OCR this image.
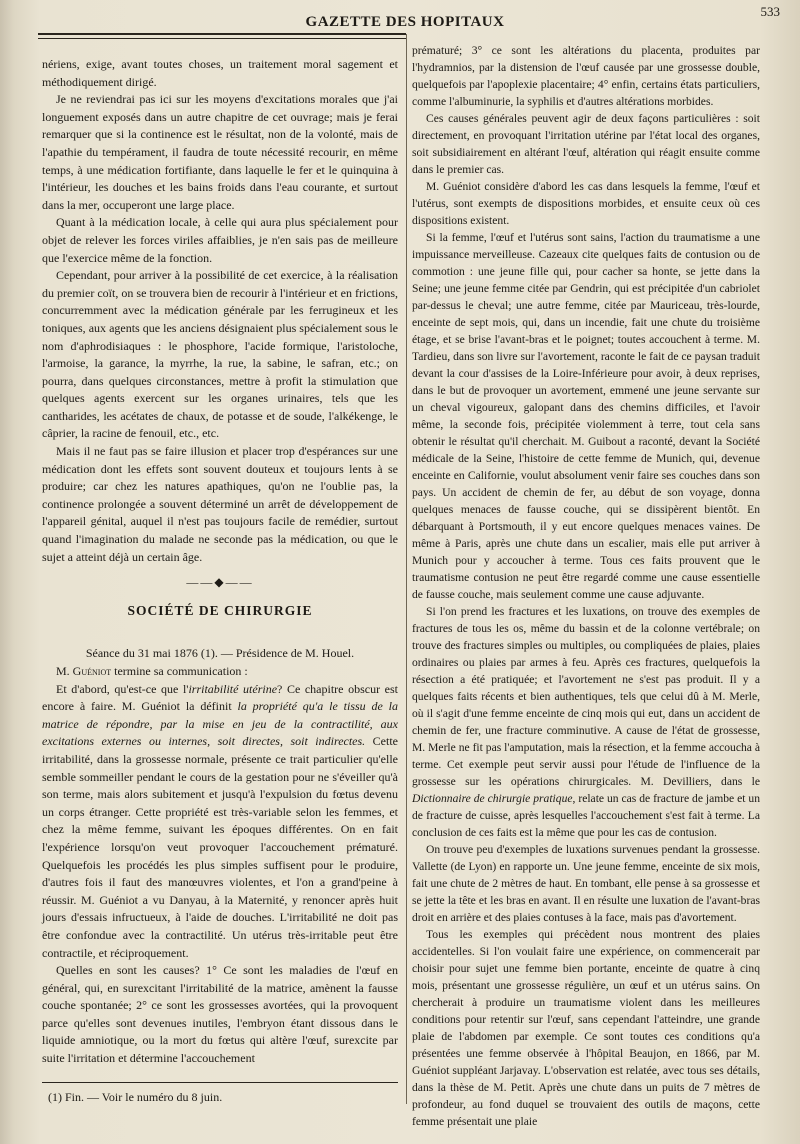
GAZETTE DES HOPITAUX
533

nériens, exige, avant toutes choses, un traitement moral sagement et méthodiquement dirigé.

Je ne reviendrai pas ici sur les moyens d'excitations morales que j'ai longuement exposés dans un autre chapitre de cet ouvrage; mais je ferai remarquer que si la continence est le résultat, non de la volonté, mais de l'apathie du tempérament, il faudra de toute nécessité recourir, en même temps, à une médication fortifiante, dans laquelle le fer et le quinquina à l'intérieur, les douches et les bains froids dans l'eau courante, et surtout dans la mer, occuperont une large place.

Quant à la médication locale, à celle qui aura plus spécialement pour objet de relever les forces viriles affaiblies, je n'en sais pas de meilleure que l'exercice même de la fonction.

Cependant, pour arriver à la possibilité de cet exercice, à la réalisation du premier coït, on se trouvera bien de recourir à l'intérieur et en frictions, concurremment avec la médication générale par les ferrugineux et les toniques, aux agents que les anciens désignaient plus spécialement sous le nom d'aphrodisiaques : le phosphore, l'acide formique, l'aristoloche, l'armoise, la garance, la myrrhe, la rue, la sabine, le safran, etc.; on pourra, dans quelques circonstances, mettre à profit la stimulation que quelques agents exercent sur les organes urinaires, tels que les cantharides, les acétates de chaux, de potasse et de soude, l'alkékenge, le câprier, la racine de fenouil, etc., etc.

Mais il ne faut pas se faire illusion et placer trop d'espérances sur une médication dont les effets sont souvent douteux et toujours lents à se produire; car chez les natures apathiques, qu'on ne l'oublie pas, la continence prolongée a souvent déterminé un arrêt de développement de l'appareil génital, auquel il n'est pas toujours facile de remédier, surtout quand l'imagination du malade ne seconde pas la médication, ou que le sujet a atteint déjà un certain âge.

——◆——
SOCIÉTÉ DE CHIRURGIE

Séance du 31 mai 1876 (1). — Présidence de M. Houel.

M. Guéniot termine sa communication :

Et d'abord, qu'est-ce que l'irritabilité utérine? Ce chapitre obscur est encore à faire. M. Guéniot la définit la propriété qu'a le tissu de la matrice de répondre, par la mise en jeu de la contractilité, aux excitations externes ou internes, soit directes, soit indirectes. Cette irritabilité, dans la grossesse normale, présente ce trait particulier qu'elle semble sommeiller pendant le cours de la gestation pour ne s'éveiller qu'à son terme, mais alors subitement et jusqu'à l'expulsion du fœtus devenu un corps étranger. Cette propriété est très-variable selon les femmes, et chez la même femme, suivant les époques différentes. On en fait l'expérience lorsqu'on veut provoquer l'accouchement prématuré. Quelquefois les procédés les plus simples suffisent pour le produire, d'autres fois il faut des manœuvres violentes, et l'on a grand'peine à réussir. M. Guéniot a vu Danyau, à la Maternité, y renoncer après huit jours d'essais infructueux, à l'aide de douches. L'irritabilité ne doit pas être confondue avec la contractilité. Un utérus très-irritable peut être contractile, et réciproquement.

Quelles en sont les causes? 1° Ce sont les maladies de l'œuf en général, qui, en surexcitant l'irritabilité de la matrice, amènent la fausse couche spontanée; 2° ce sont les grossesses avortées, qui la provoquent parce qu'elles sont devenues inutiles, l'embryon étant dissous dans le liquide amniotique, ou la mort du fœtus qui altère l'œuf, surexcite par suite l'irritation et détermine l'accouchement

(1) Fin. — Voir le numéro du 8 juin.

prématuré; 3° ce sont les altérations du placenta, produites par l'hydramnios, par la distension de l'œuf causée par une grossesse double, quelquefois par l'apoplexie placentaire; 4° enfin, certains états particuliers, comme l'albuminurie, la syphilis et d'autres altérations morbides.

Ces causes générales peuvent agir de deux façons particulières : soit directement, en provoquant l'irritation utérine par l'état local des organes, soit subsidiairement en altérant l'œuf, altération qui réagit ensuite comme dans le premier cas.

M. Guéniot considère d'abord les cas dans lesquels la femme, l'œuf et l'utérus, sont exempts de dispositions morbides, et ensuite ceux où ces dispositions existent.

Si la femme, l'œuf et l'utérus sont sains, l'action du traumatisme a une impuissance merveilleuse. Cazeaux cite quelques faits de contusion ou de commotion : une jeune fille qui, pour cacher sa honte, se jette dans la Seine; une jeune femme citée par Gendrin, qui est précipitée d'un cabriolet par-dessus le cheval; une autre femme, citée par Mauriceau, très-lourde, enceinte de sept mois, qui, dans un incendie, fait une chute du troisième étage, et se brise l'avant-bras et le poignet; toutes accouchent à terme. M. Tardieu, dans son livre sur l'avortement, raconte le fait de ce paysan traduit devant la cour d'assises de la Loire-Inférieure pour avoir, à deux reprises, dans le but de provoquer un avortement, emmené une jeune servante sur un cheval vigoureux, galopant dans des chemins difficiles, et l'avoir même, la seconde fois, précipitée violemment à terre, tout cela sans obtenir le résultat qu'il cherchait. M. Guibout a raconté, devant la Société médicale de la Seine, l'histoire de cette femme de Munich, qui, devenue enceinte en Californie, voulut absolument venir faire ses couches dans son pays. Un accident de chemin de fer, au début de son voyage, donna quelques menaces de fausse couche, qui se dissipèrent bientôt. En débarquant à Portsmouth, il y eut encore quelques menaces vaines. De même à Paris, après une chute dans un escalier, mais elle put arriver à Munich pour y accoucher à terme. Tous ces faits prouvent que le traumatisme contusion ne peut être regardé comme une cause essentielle de fausse couche, mais seulement comme une cause adjuvante.

Si l'on prend les fractures et les luxations, on trouve des exemples de fractures de tous les os, même du bassin et de la colonne vertébrale; on trouve des fractures simples ou multiples, ou compliquées de plaies, plaies ordinaires ou plaies par armes à feu. Après ces fractures, quelquefois la résection a été pratiquée; et l'avortement ne s'est pas produit. Il y a quelques faits récents et bien authentiques, tels que celui dû à M. Merle, où il s'agit d'une femme enceinte de cinq mois qui eut, dans un accident de chemin de fer, une fracture comminutive. A cause de l'état de grossesse, M. Merle ne fit pas l'amputation, mais la résection, et la femme accoucha à terme. Cet exemple peut servir aussi pour l'étude de l'influence de la grossesse sur les opérations chirurgicales. M. Devilliers, dans le Dictionnaire de chirurgie pratique, relate un cas de fracture de jambe et un de fracture de cuisse, après lesquelles l'accouchement s'est fait à terme. La conclusion de ces faits est la même que pour les cas de contusion.

On trouve peu d'exemples de luxations survenues pendant la grossesse. Vallette (de Lyon) en rapporte un. Une jeune femme, enceinte de six mois, fait une chute de 2 mètres de haut. En tombant, elle pense à sa grossesse et se jette la tête et les bras en avant. Il en résulte une luxation de l'avant-bras droit en arrière et des plaies contuses à la face, mais pas d'avortement.

Tous les exemples qui précèdent nous montrent des plaies accidentelles. Si l'on voulait faire une expérience, on commencerait par choisir pour sujet une femme bien portante, enceinte de quatre à cinq mois, présentant une grossesse régulière, un œuf et un utérus sains. On chercherait à produire un traumatisme violent dans les meilleures conditions pour retentir sur l'œuf, sans cependant l'atteindre, une grande plaie de l'abdomen par exemple. Ce sont toutes ces conditions qu'a présentées une femme observée à l'hôpital Beaujon, en 1866, par M. Guéniot suppléant Jarjavay. L'observation est relatée, avec tous ses détails, dans la thèse de M. Petit. Après une chute dans un puits de 7 mètres de profondeur, au fond duquel se trouvaient des outils de maçons, cette femme présentait une plaie
